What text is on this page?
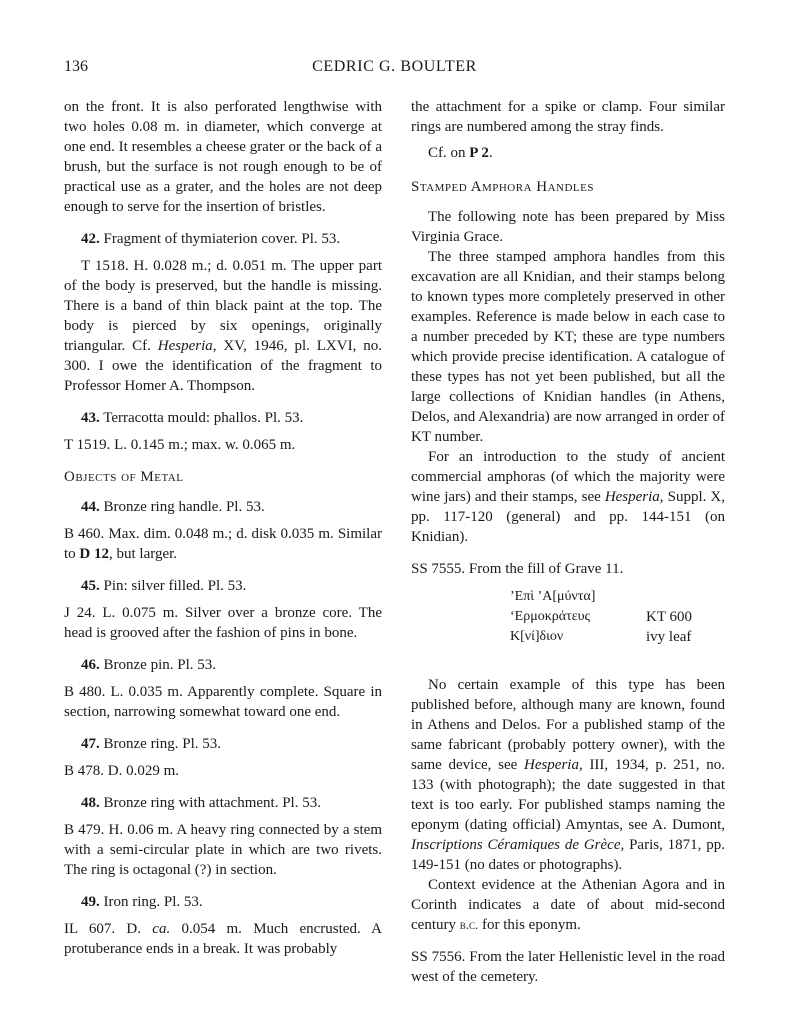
136	CEDRIC G. BOULTER

on the front. It is also perforated lengthwise with two holes 0.08 m. in diameter, which converge at one end. It resembles a cheese grater or the back of a brush, but the surface is not rough enough to be of practical use as a grater, and the holes are not deep enough to serve for the insertion of bristles.

42. Fragment of thymiaterion cover. Pl. 53.

T 1518. H. 0.028 m.; d. 0.051 m. The upper part of the body is preserved, but the handle is missing. There is a band of thin black paint at the top. The body is pierced by six openings, originally triangular. Cf. Hesperia, XV, 1946, pl. LXVI, no. 300. I owe the identification of the fragment to Professor Homer A. Thompson.

43. Terracotta mould: phallos. Pl. 53.

T 1519. L. 0.145 m.; max. w. 0.065 m.

Objects of Metal

44. Bronze ring handle. Pl. 53.

B 460. Max. dim. 0.048 m.; d. disk 0.035 m. Similar to D 12, but larger.

45. Pin: silver filled. Pl. 53.

J 24. L. 0.075 m. Silver over a bronze core. The head is grooved after the fashion of pins in bone.

46. Bronze pin. Pl. 53.

B 480. L. 0.035 m. Apparently complete. Square in section, narrowing somewhat toward one end.

47. Bronze ring. Pl. 53.

B 478. D. 0.029 m.

48. Bronze ring with attachment. Pl. 53.

B 479. H. 0.06 m. A heavy ring connected by a stem with a semi-circular plate in which are two rivets. The ring is octagonal (?) in section.

49. Iron ring. Pl. 53.

IL 607. D. ca. 0.054 m. Much encrusted. A protuberance ends in a break. It was probably

the attachment for a spike or clamp. Four similar rings are numbered among the stray finds.

Cf. on P 2.

Stamped Amphora Handles

The following note has been prepared by Miss Virginia Grace.

The three stamped amphora handles from this excavation are all Knidian, and their stamps belong to known types more completely preserved in other examples. Reference is made below in each case to a number preceded by KT; these are type numbers which provide precise identification. A catalogue of these types has not yet been published, but all the large collections of Knidian handles (in Athens, Delos, and Alexandria) are now arranged in order of KT number.

For an introduction to the study of ancient commercial amphoras (of which the majority were wine jars) and their stamps, see Hesperia, Suppl. X, pp. 117-120 (general) and pp. 144-151 (on Knidian).

SS 7555. From the fill of Grave 11.

’Επὶ ’Α[μύντα]
‘Ερμοκράτευς	KT 600
Κ[νί]διον	ivy leaf

No certain example of this type has been published before, although many are known, found in Athens and Delos. For a published stamp of the same fabricant (probably pottery owner), with the same device, see Hesperia, III, 1934, p. 251, no. 133 (with photograph); the date suggested in that text is too early. For published stamps naming the eponym (dating official) Amyntas, see A. Dumont, Inscriptions Céramiques de Grèce, Paris, 1871, pp. 149-151 (no dates or photographs).

Context evidence at the Athenian Agora and in Corinth indicates a date of about mid-second century b.c. for this eponym.

SS 7556. From the later Hellenistic level in the road west of the cemetery.
